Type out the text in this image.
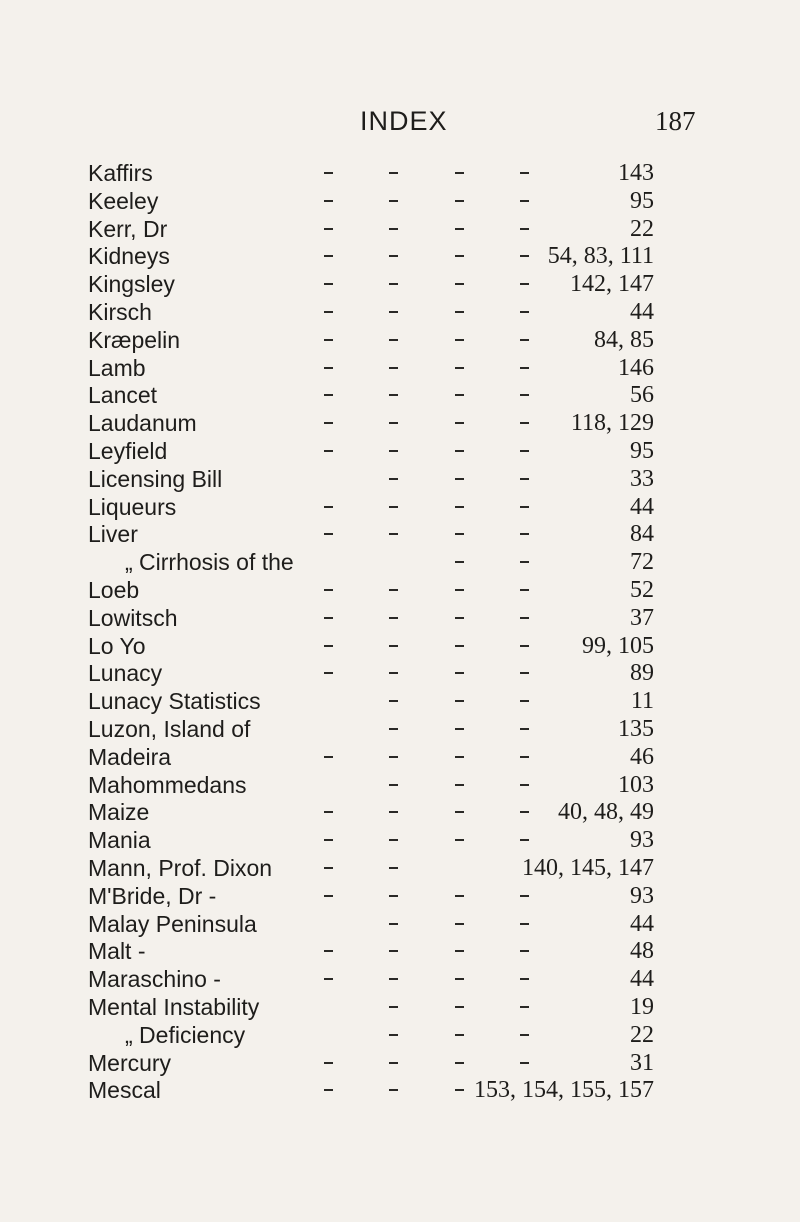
INDEX	187
Kaffirs	143
Keeley	95
Kerr, Dr	22
Kidneys	54, 83, 111
Kingsley	142, 147
Kirsch	44
Kræpelin	84, 85
Lamb	146
Lancet	56
Laudanum	118, 129
Leyfield	95
Licensing Bill	33
Liqueurs	44
Liver	84
„ Cirrhosis of the	72
Loeb	52
Lowitsch	37
Lo Yo	99, 105
Lunacy	89
Lunacy Statistics	11
Luzon, Island of	135
Madeira	46
Mahommedans	103
Maize	40, 48, 49
Mania	93
Mann, Prof. Dixon	140, 145, 147
M'Bride, Dr -	93
Malay Peninsula	44
Malt -	48
Maraschino -	44
Mental Instability	19
„ Deficiency	22
Mercury	31
Mescal	153, 154, 155, 157
